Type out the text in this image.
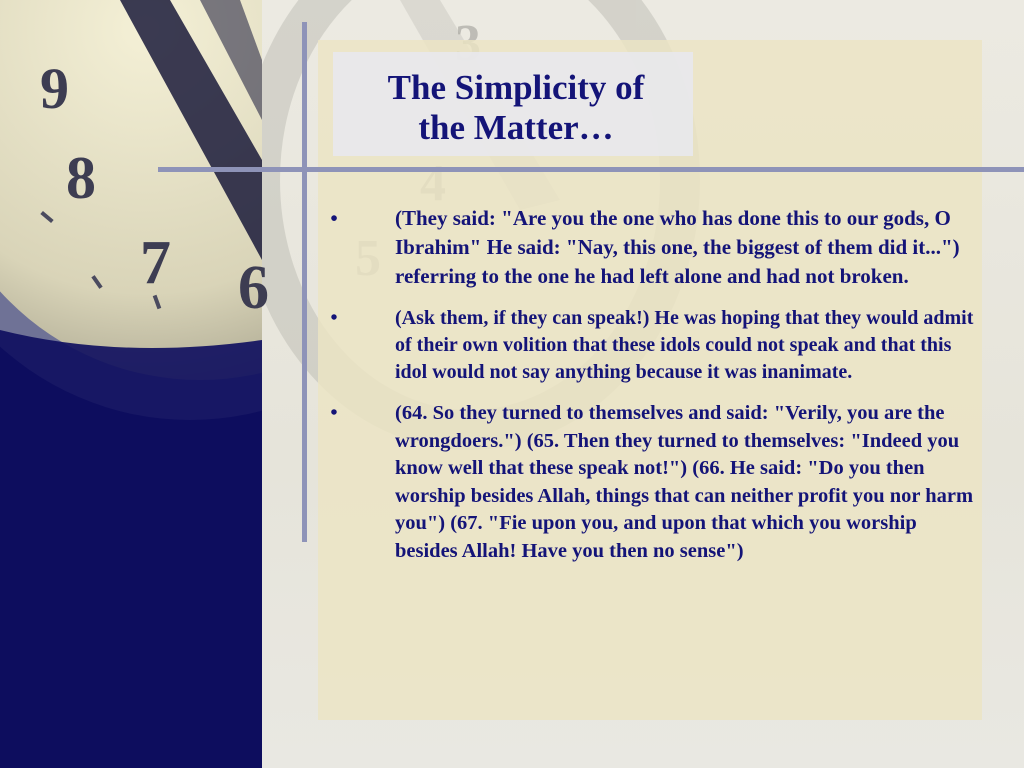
9
8
7 6
The Simplicity of
the Matter…
•	(They said: "Are you the one who has done this to our gods, O Ibrahim" He said: "Nay, this one, the biggest of them did it...") referring to the one he had left alone and had not broken.
•	(Ask them, if they can speak!) He was hoping that they would admit of their own volition that these idols could not speak and that this idol would not say anything because it was inanimate.
•	(64. So they turned to themselves and said: "Verily, you are the wrongdoers.") (65. Then they turned to themselves: "Indeed you know well that these speak not!") (66. He said: "Do you then worship besides Allah, things that can neither profit you nor harm you") (67. "Fie upon you, and upon that which you worship besides Allah! Have you then no sense")
